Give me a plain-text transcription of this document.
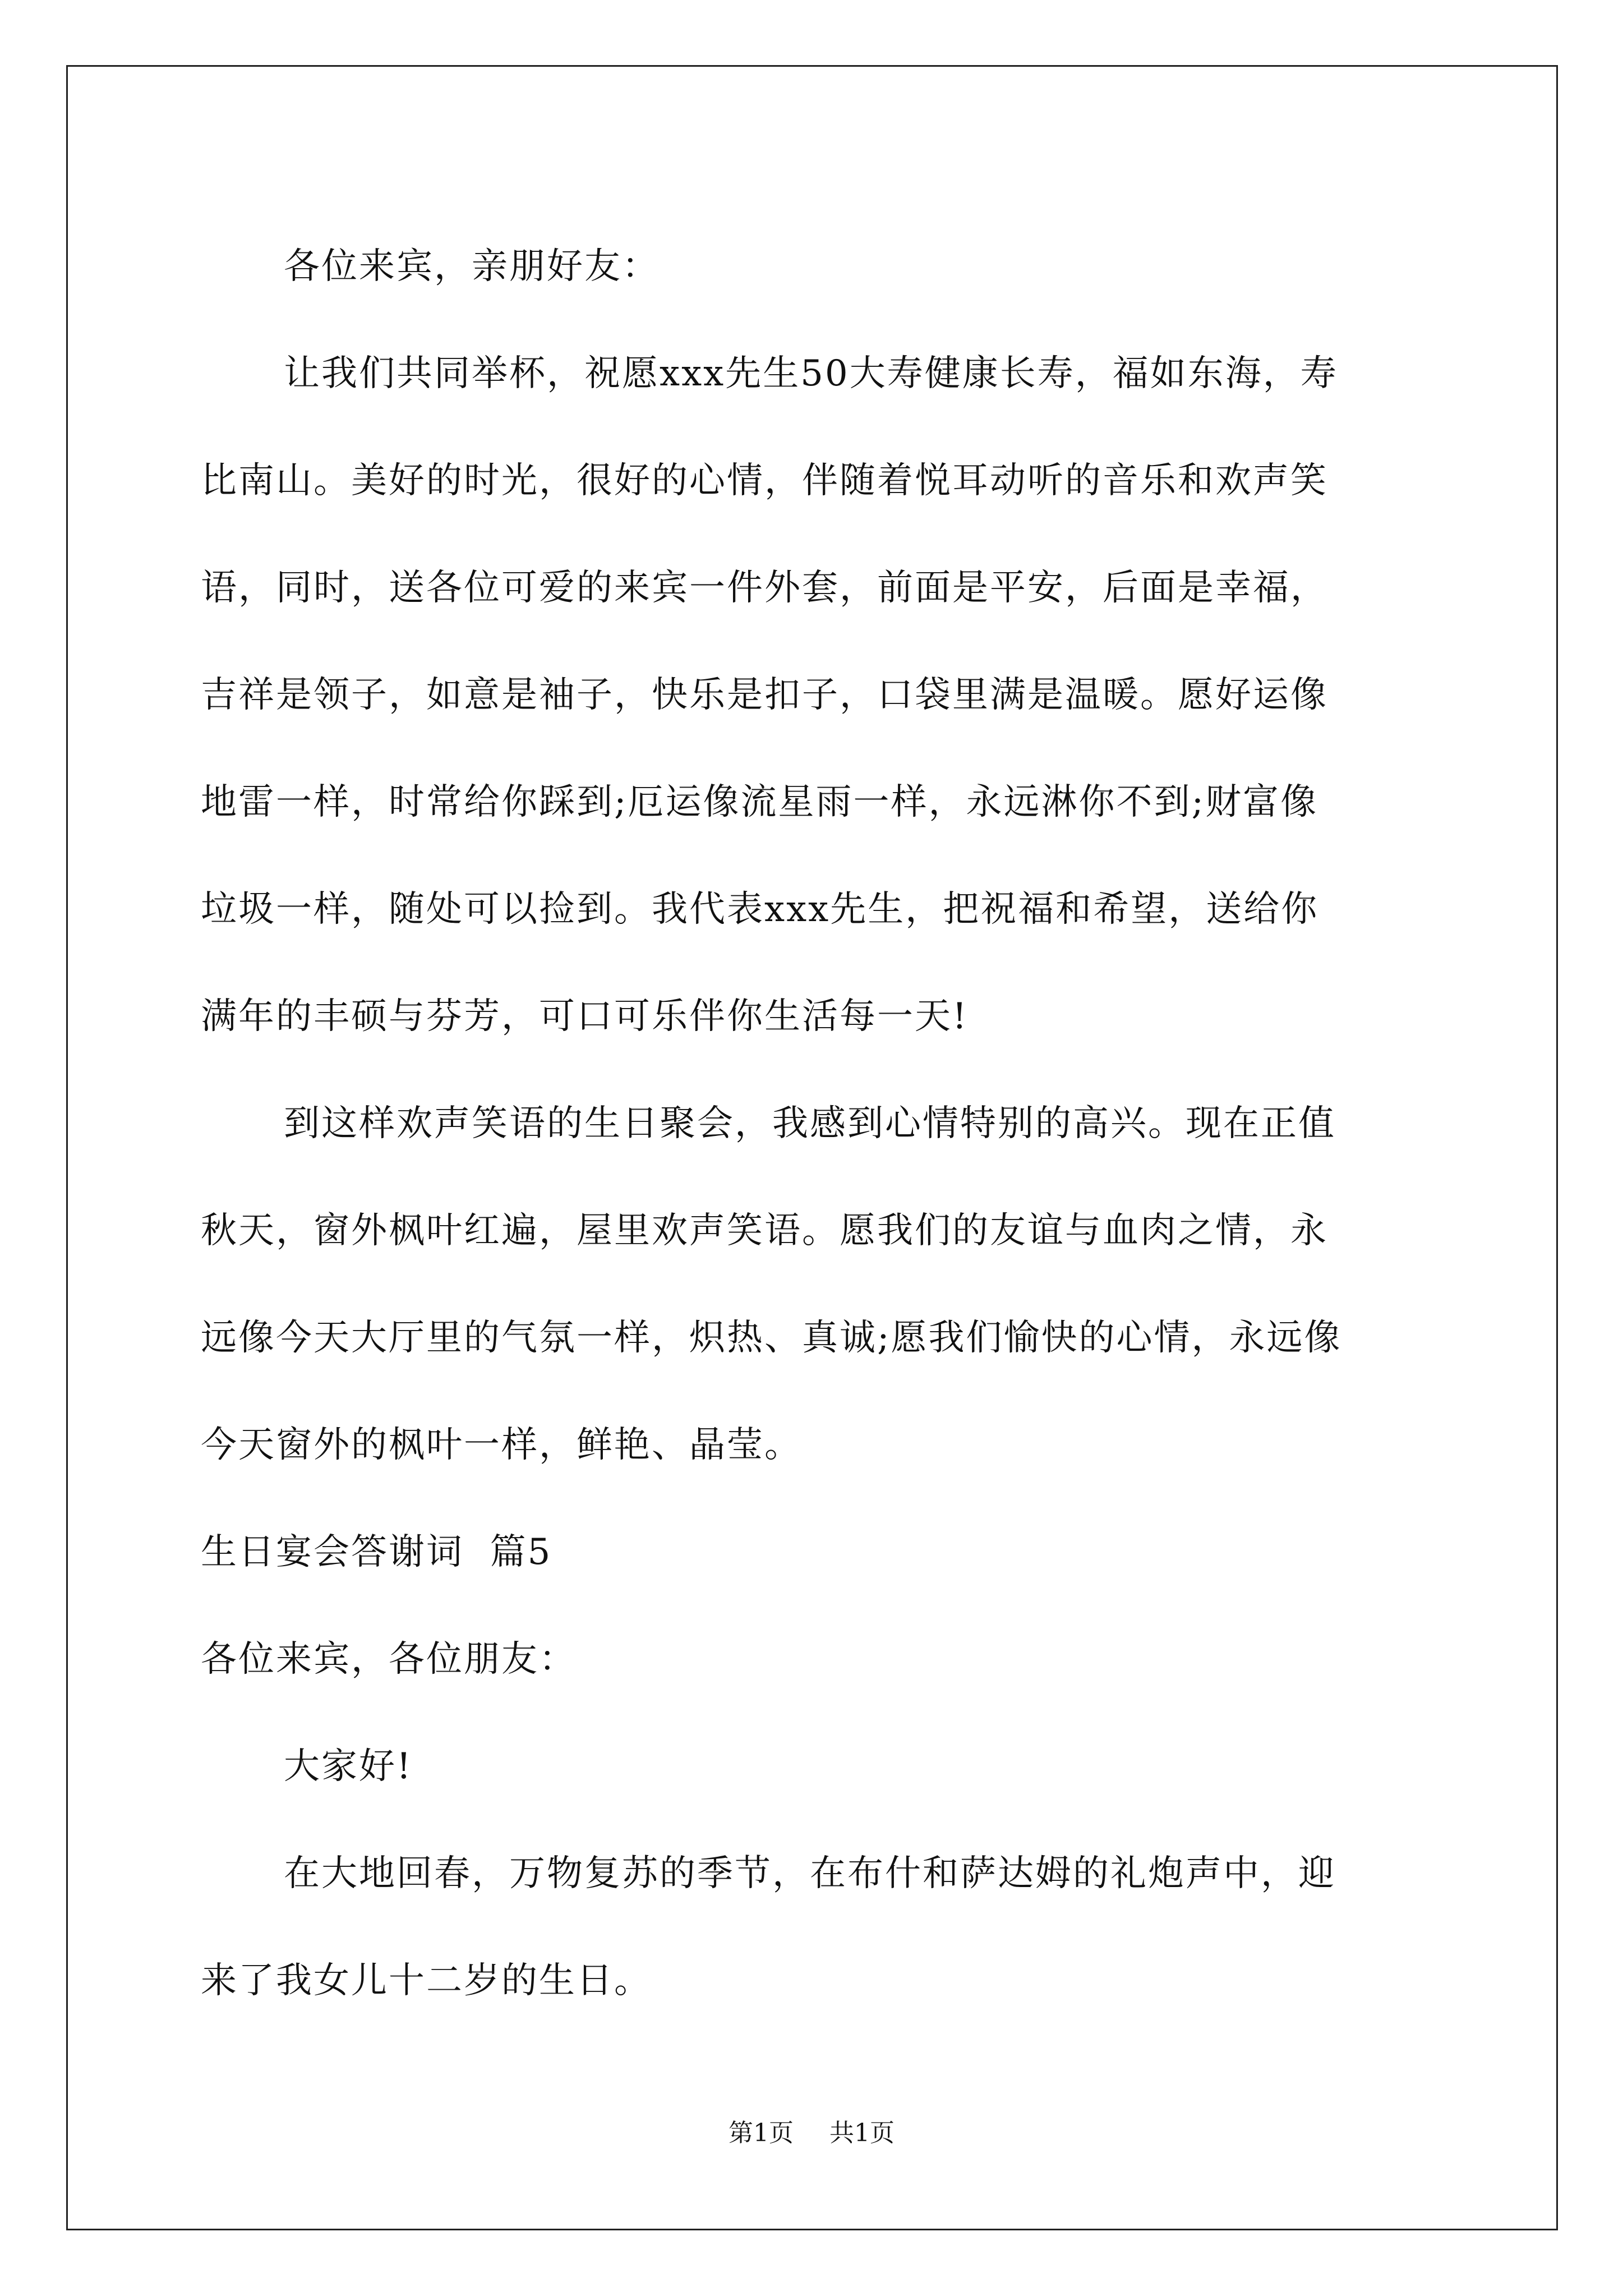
各位来宾，亲朋好友：
让我们共同举杯，祝愿xxx先生50大寿健康长寿，福如东海，寿
比南山。美好的时光，很好的心情，伴随着悦耳动听的音乐和欢声笑
语，同时，送各位可爱的来宾一件外套，前面是平安，后面是幸福，
吉祥是领子，如意是袖子，快乐是扣子，口袋里满是温暖。愿好运像
地雷一样，时常给你踩到;厄运像流星雨一样，永远淋你不到;财富像
垃圾一样，随处可以捡到。我代表xxx先生，把祝福和希望，送给你
满年的丰硕与芬芳，可口可乐伴你生活每一天!
到这样欢声笑语的生日聚会，我感到心情特别的高兴。现在正值
秋天，窗外枫叶红遍，屋里欢声笑语。愿我们的友谊与血肉之情，永
远像今天大厅里的气氛一样，炽热、真诚;愿我们愉快的心情，永远像
今天窗外的枫叶一样，鲜艳、晶莹。
生日宴会答谢词  篇5
各位来宾，各位朋友：
大家好!
在大地回春，万物复苏的季节，在布什和萨达姆的礼炮声中，迎
来了我女儿十二岁的生日。
第1页 共1页
